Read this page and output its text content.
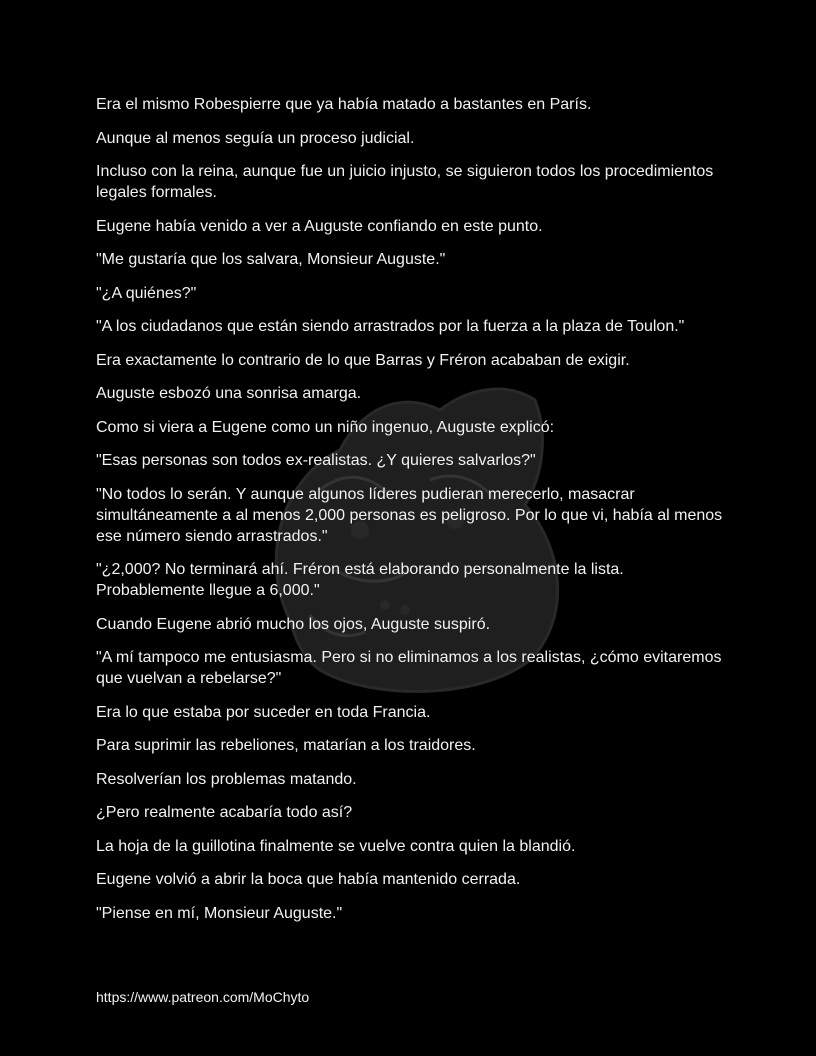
Era el mismo Robespierre que ya había matado a bastantes en París.

Aunque al menos seguía un proceso judicial.

Incluso con la reina, aunque fue un juicio injusto, se siguieron todos los procedimientos legales formales.

Eugene había venido a ver a Auguste confiando en este punto.

"Me gustaría que los salvara, Monsieur Auguste."

"¿A quiénes?"

"A los ciudadanos que están siendo arrastrados por la fuerza a la plaza de Toulon."

Era exactamente lo contrario de lo que Barras y Fréron acababan de exigir.

Auguste esbozó una sonrisa amarga.

Como si viera a Eugene como un niño ingenuo, Auguste explicó:

"Esas personas son todos ex-realistas. ¿Y quieres salvarlos?"

"No todos lo serán. Y aunque algunos líderes pudieran merecerlo, masacrar simultáneamente a al menos 2,000 personas es peligroso. Por lo que vi, había al menos ese número siendo arrastrados."

"¿2,000? No terminará ahí. Fréron está elaborando personalmente la lista. Probablemente llegue a 6,000."

Cuando Eugene abrió mucho los ojos, Auguste suspiró.

"A mí tampoco me entusiasma. Pero si no eliminamos a los realistas, ¿cómo evitaremos que vuelvan a rebelarse?"

Era lo que estaba por suceder en toda Francia.

Para suprimir las rebeliones, matarían a los traidores.

Resolverían los problemas matando.

¿Pero realmente acabaría todo así?

La hoja de la guillotina finalmente se vuelve contra quien la blandió.

Eugene volvió a abrir la boca que había mantenido cerrada.

"Piense en mí, Monsieur Auguste."

https://www.patreon.com/MoChyto
